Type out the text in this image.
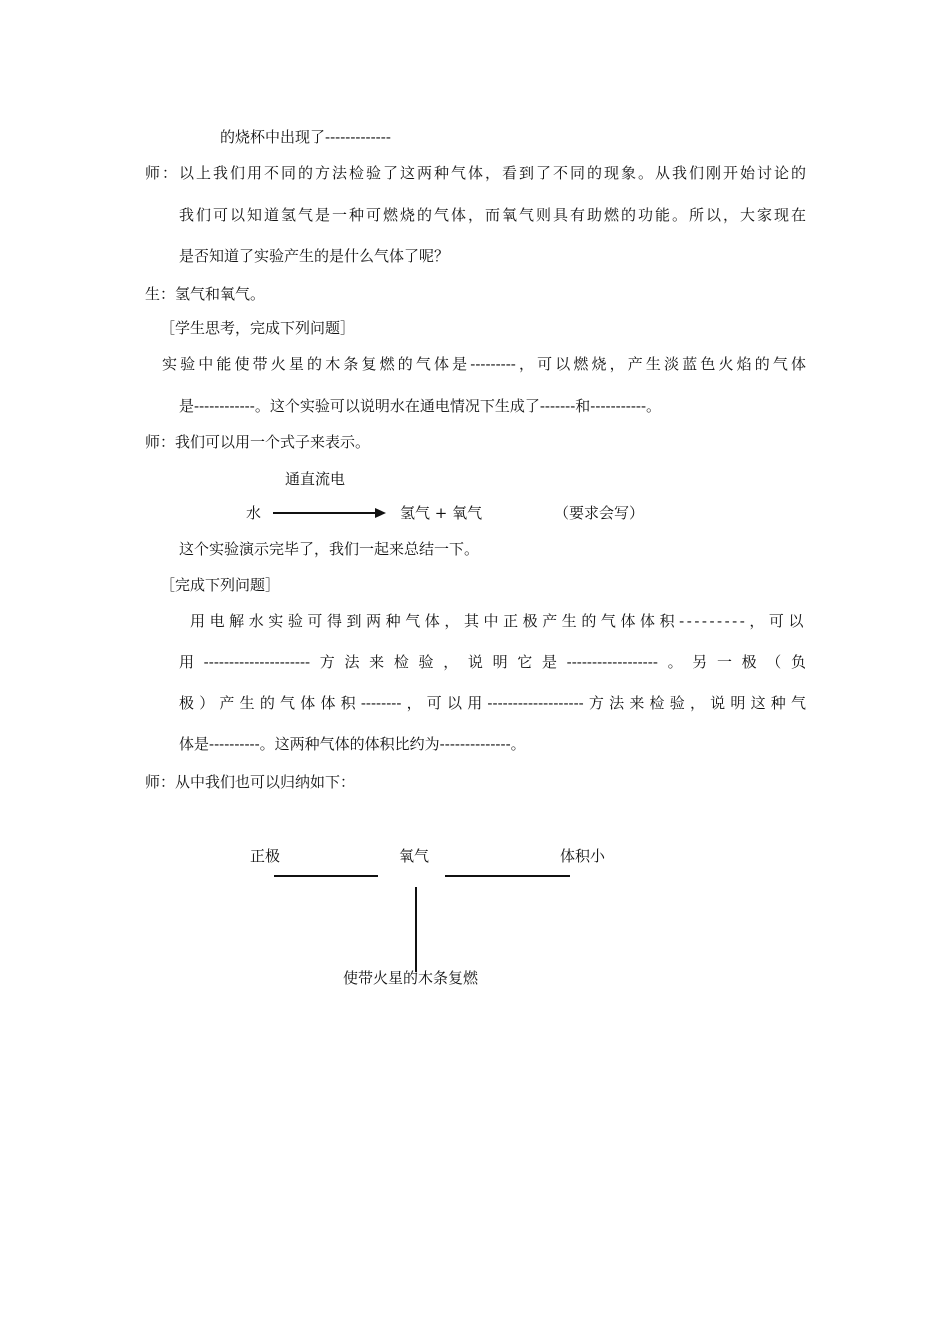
的烧杯中出现了-------------
师：以上我们用不同的方法检验了这两种气体，看到了不同的现象。从我们刚开始讨论的
我们可以知道氢气是一种可燃烧的气体，而氧气则具有助燃的功能。所以，大家现在
是否知道了实验产生的是什么气体了呢？
生：氢气和氧气。
［学生思考，完成下列问题］
实验中能使带火星的木条复燃的气体是---------，可以燃烧，产生淡蓝色火焰的气体
是------------。这个实验可以说明水在通电情况下生成了-------和-----------。
师：我们可以用一个式子来表示。
通直流电
水	氢气 + 氧气	（要求会写）
这个实验演示完毕了，我们一起来总结一下。
［完成下列问题］
用电解水实验可得到两种气体，其中正极产生的气体体积---------，可以
用---------------------方法来检验，说明它是------------------。另一极（负
极）产生的气体体积--------，可以用-------------------方法来检验，说明这种气
体是----------。这两种气体的体积比约为--------------。
师：从中我们也可以归纳如下：
正极	氧气	体积小
使带火星的木条复燃
